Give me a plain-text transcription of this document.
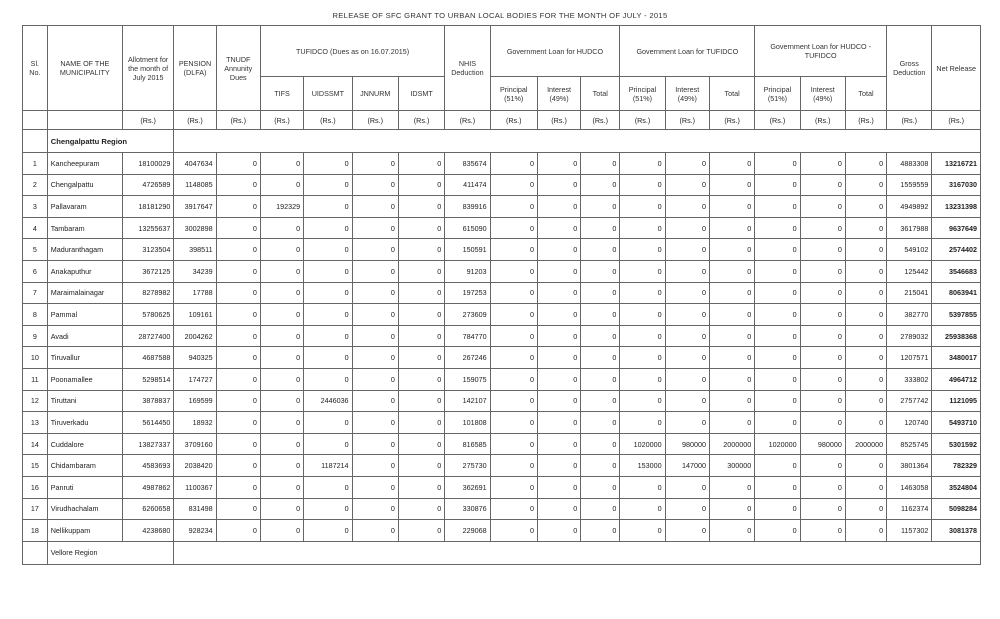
RELEASE OF SFC GRANT TO URBAN LOCAL BODIES FOR THE MONTH OF JULY - 2015
Sl. No.	NAME OF THE MUNICIPALITY	Allotment for the month of July 2015	PENSION (DLFA)	TNUDF Annunity Dues	TUFIDCO (Dues as on 16.07.2015)				NHIS Deduction	Government Loan for HUDCO			Government Loan for TUFIDCO			Government Loan for HUDCO - TUFIDCO			Gross Deduction	Net Release
					TIFS	UIDSSMT	JNNURM	IDSMT		Principal (51%)	Interest (49%)	Total	Principal (51%)	Interest (49%)	Total	Principal (51%)	Interest (49%)	Total		
		(Rs.)	(Rs.)	(Rs.)	(Rs.)	(Rs.)	(Rs.)	(Rs.)	(Rs.)	(Rs.)	(Rs.)	(Rs.)	(Rs.)	(Rs.)	(Rs.)	(Rs.)	(Rs.)	(Rs.)	(Rs.)	(Rs.)
	Chengalpattu Region																			
1	Kancheepuram	18100029	4047634	0	0	0	0	0	835674	0	0	0	0	0	0	0	0	0	4883308	13216721
2	Chengalpattu	4726589	1148085	0	0	0	0	0	411474	0	0	0	0	0	0	0	0	0	1559559	3167030
3	Pallavaram	18181290	3917647	0	192329	0	0	0	839916	0	0	0	0	0	0	0	0	0	4949892	13231398
4	Tambaram	13255637	3002898	0	0	0	0	0	615090	0	0	0	0	0	0	0	0	0	3617988	9637649
5	Maduranthagam	3123504	398511	0	0	0	0	0	150591	0	0	0	0	0	0	0	0	0	549102	2574402
6	Anakaputhur	3672125	34239	0	0	0	0	0	91203	0	0	0	0	0	0	0	0	0	125442	3546683
7	Maraimalainagar	8278982	17788	0	0	0	0	0	197253	0	0	0	0	0	0	0	0	0	215041	8063941
8	Pammal	5780625	109161	0	0	0	0	0	273609	0	0	0	0	0	0	0	0	0	382770	5397855
9	Avadi	28727400	2004262	0	0	0	0	0	784770	0	0	0	0	0	0	0	0	0	2789032	25938368
10	Tiruvallur	4687588	940325	0	0	0	0	0	267246	0	0	0	0	0	0	0	0	0	1207571	3480017
11	Poonamallee	5298514	174727	0	0	0	0	0	159075	0	0	0	0	0	0	0	0	0	333802	4964712
12	Tiruttani	3878837	169599	0	0	2446036	0	0	142107	0	0	0	0	0	0	0	0	0	2757742	1121095
13	Tiruverkadu	5614450	18932	0	0	0	0	0	101808	0	0	0	0	0	0	0	0	0	120740	5493710
14	Cuddalore	13827337	3709160	0	0	0	0	0	816585	0	0	0	1020000	980000	2000000	1020000	980000	2000000	8525745	5301592
15	Chidambaram	4583693	2038420	0	0	1187214	0	0	275730	0	0	0	153000	147000	300000	0	0	0	3801364	782329
16	Panruti	4987862	1100367	0	0	0	0	0	362691	0	0	0	0	0	0	0	0	0	1463058	3524804
17	Virudhachalam	6260658	831498	0	0	0	0	0	330876	0	0	0	0	0	0	0	0	0	1162374	5098284
18	Nellikuppam	4238680	928234	0	0	0	0	0	229068	0	0	0	0	0	0	0	0	0	1157302	3081378
	Vellore Region																			
